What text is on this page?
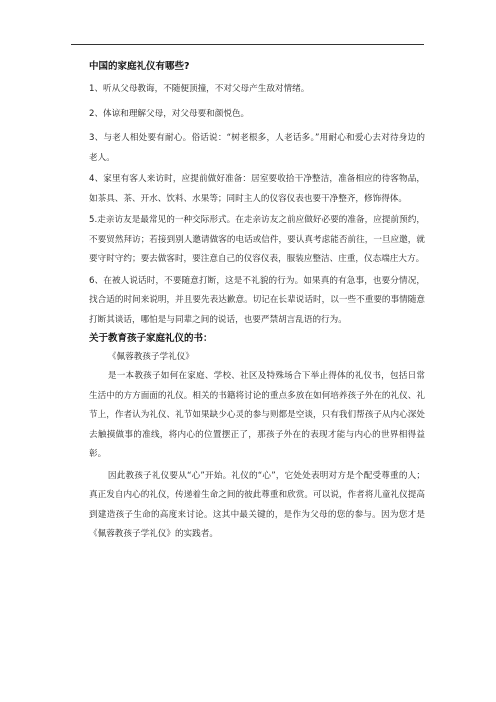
中国的家庭礼仪有哪些?

1、听从父母教诲，不随便顶撞，不对父母产生敌对情绪。

2、体谅和理解父母，对父母要和颜悦色。

3、与老人相处要有耐心。俗话说：“树老根多，人老话多。”用耐心和爱心去对待身边的老人。

4、家里有客人来访时，应提前做好准备：居室要收拾干净整洁，准备相应的待客物品，如茶具、茶、开水、饮料、水果等；同时主人的仪容仪表也要干净整齐，修饰得体。

5.走亲访友是最常见的一种交际形式。在走亲访友之前应做好必要的准备，应提前预约，不要贸然拜访；若接到别人邀请做客的电话或信件，要认真考虑能否前往，一旦应邀，就要守时守约；要去做客时，要注意自己的仪容仪表，服装应整洁、庄重，仪态端庄大方。

6、在被人说话时，不要随意打断，这是不礼貌的行为。如果真的有急事，也要分情况，找合适的时间来说明，并且要先表达歉意。切记在长辈说话时，以一些不重要的事情随意打断其谈话，哪怕是与同辈之间的说话，也要严禁胡言乱语的行为。

关于教育孩子家庭礼仪的书：

《佩蓉教孩子学礼仪》

是一本教孩子如何在家庭、学校、社区及特殊场合下举止得体的礼仪书，包括日常生活中的方方面面的礼仪。相关的书籍将讨论的重点多放在如何培养孩子外在的礼仪、礼节上，作者认为礼仪、礼节如果缺少心灵的参与则都是空谈，只有我们帮孩子从内心深处去触摸做事的准线，将内心的位置摆正了，那孩子外在的表现才能与内心的世界相得益彰。

因此教孩子礼仪要从“心”开始。礼仪的“心”，它处处表明对方是个配受尊重的人；真正发自内心的礼仪，传递着生命之间的彼此尊重和欣赏。可以说，作者将儿童礼仪提高到建造孩子生命的高度来讨论。这其中最关键的，是作为父母的您的参与。因为您才是《佩蓉教孩子学礼仪》的实践者。
